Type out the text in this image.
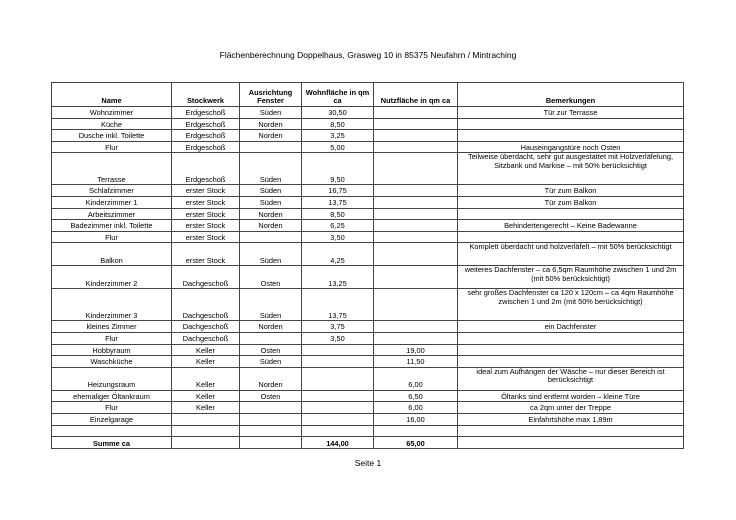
Flächenberechnung Doppelhaus, Grasweg 10 in 85375 Neufahrn / Mintraching
Name	Stockwerk	Ausrichtung Fenster	Wohnfläche in qm ca	Nutzfläche in qm ca	Bemerkungen
Wohnzimmer	Erdgeschoß	Süden	30,50		Tür zur Terrasse
Küche	Erdgeschoß	Norden	8,50		
Dusche inkl. Toilette	Erdgeschoß	Norden	3,25		
Flur	Erdgeschoß		5,00		Hauseingangstüre noch Osten
Terrasse	Erdgeschoß	Süden	9,50		Teilweise überdacht, sehr gut ausgestattet mit Holzverläfelung, Sitzbank und Markise – mit 50% berücksichtigt
Schlafzimmer	erster Stock	Süden	16,75		Tür zum Balkon
Kinderzimmer 1	erster Stock	Süden	13,75		Tür zum Balkon
Arbeitszimmer	erster Stock	Norden	8,50		
Badezimmer inkl. Toilette	erster Stock	Norden	6,25		Behindertengerecht – Keine Badewanne
Flur	erster Stock		3,50		
Balkon	erster Stock	Süden	4,25		Komplett überdacht und holzverläfelt – mit 50% berücksichtigt
Kinderzimmer 2	Dachgeschoß	Osten	13,25		weiteres Dachfenster – ca 6,5qm Raumhöhe zwischen 1 und 2m (mit 50% berücksichtigt)
Kinderzimmer 3	Dachgeschoß	Süden	13,75		sehr großes Dachfenster ca 120 x 120cm – ca 4qm Raumhöhe zwischen 1 und 2m (mit 50% berücksichtigt)
kleines Zimmer	Dachgeschoß	Norden	3,75		ein Dachfenster
Flur	Dachgeschoß		3,50		
Hobbyraum	Keller	Osten		19,00	
Waschküche	Keller	Süden		11,50	
Heizungsraum	Keller	Norden		6,00	ideal zum Aufhängen der Wäsche – nur dieser Bereich ist berücksichtigt
ehemaliger Öltankraum	Keller	Osten		6,50	Öltanks sind entfernt worden – kleine Türe
Flur	Keller			6,00	ca 2qm unter der Treppe
Einzelgarage				16,00	Einfahrtshöhe max 1,89m

Summe ca			144,00	65,00	
Seite 1
